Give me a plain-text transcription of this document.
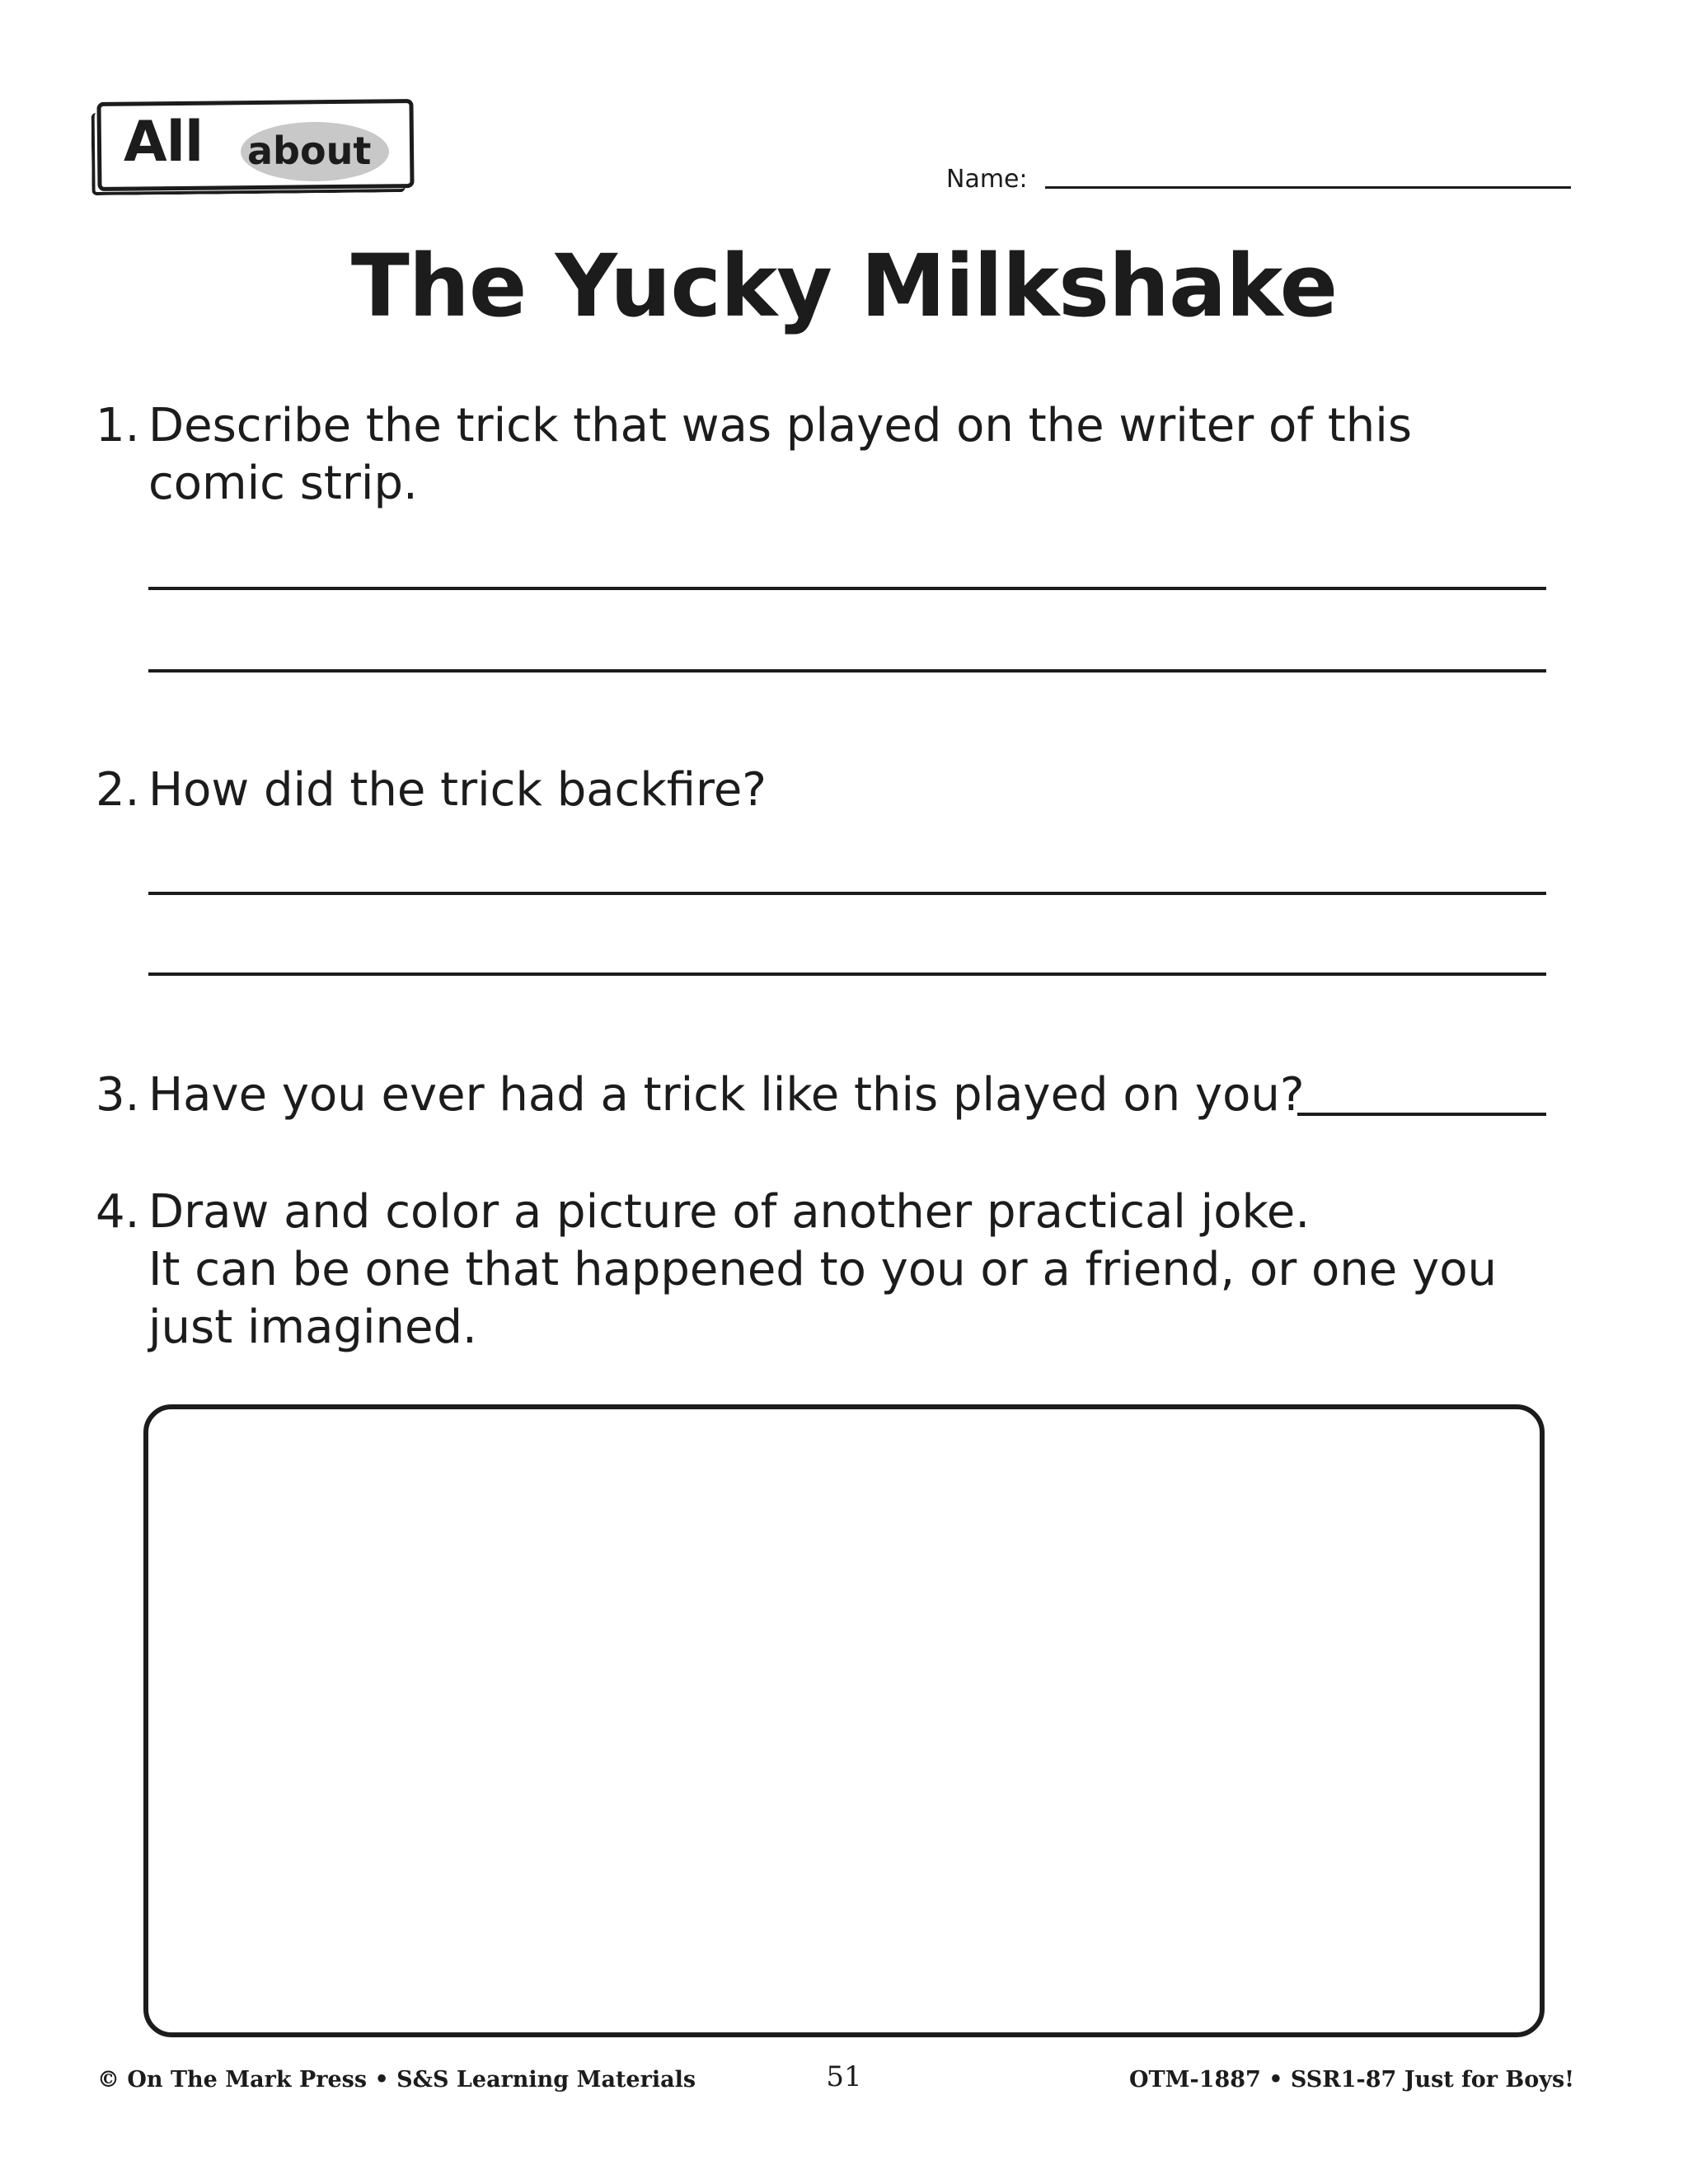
All about
Name:
The Yucky Milkshake
1. Describe the trick that was played on the writer of this
comic strip.
2. How did the trick backfire?
3. Have you ever had a trick like this played on you?
4. Draw and color a picture of another practical joke.
It can be one that happened to you or a friend, or one you
just imagined.
© On The Mark Press • S&S Learning Materials	51	OTM-1887 • SSR1-87 Just for Boys!
